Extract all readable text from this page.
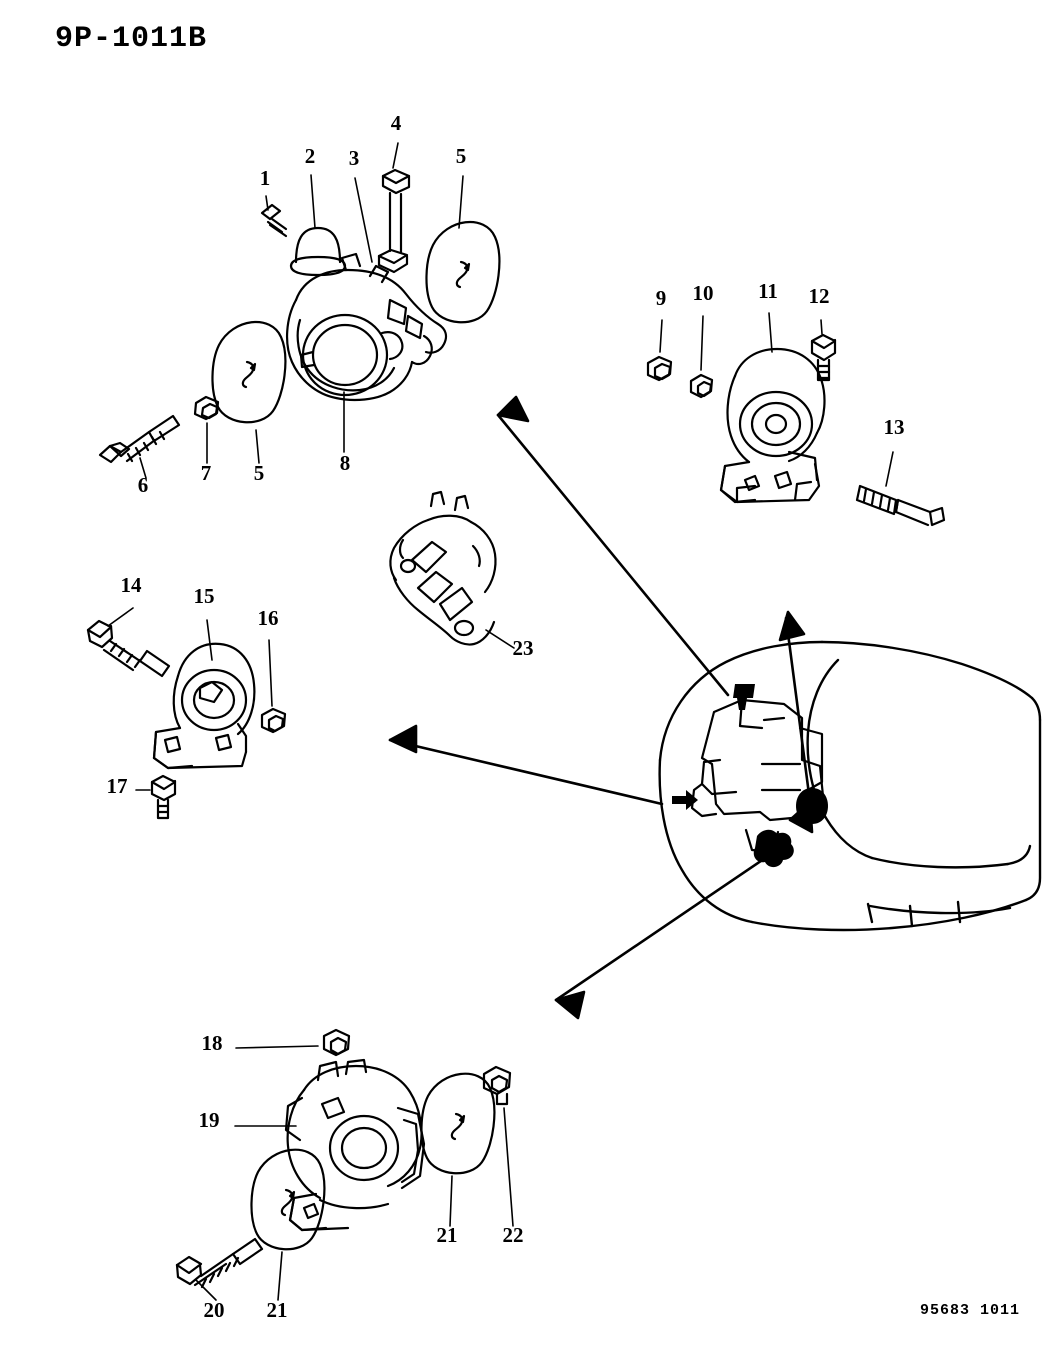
9P-1011B
95683 1011
1
2 3
4
5
5
6	7	8
9 10 11 12
13
14 15
16
17
18
19
20 21
21 22
23
